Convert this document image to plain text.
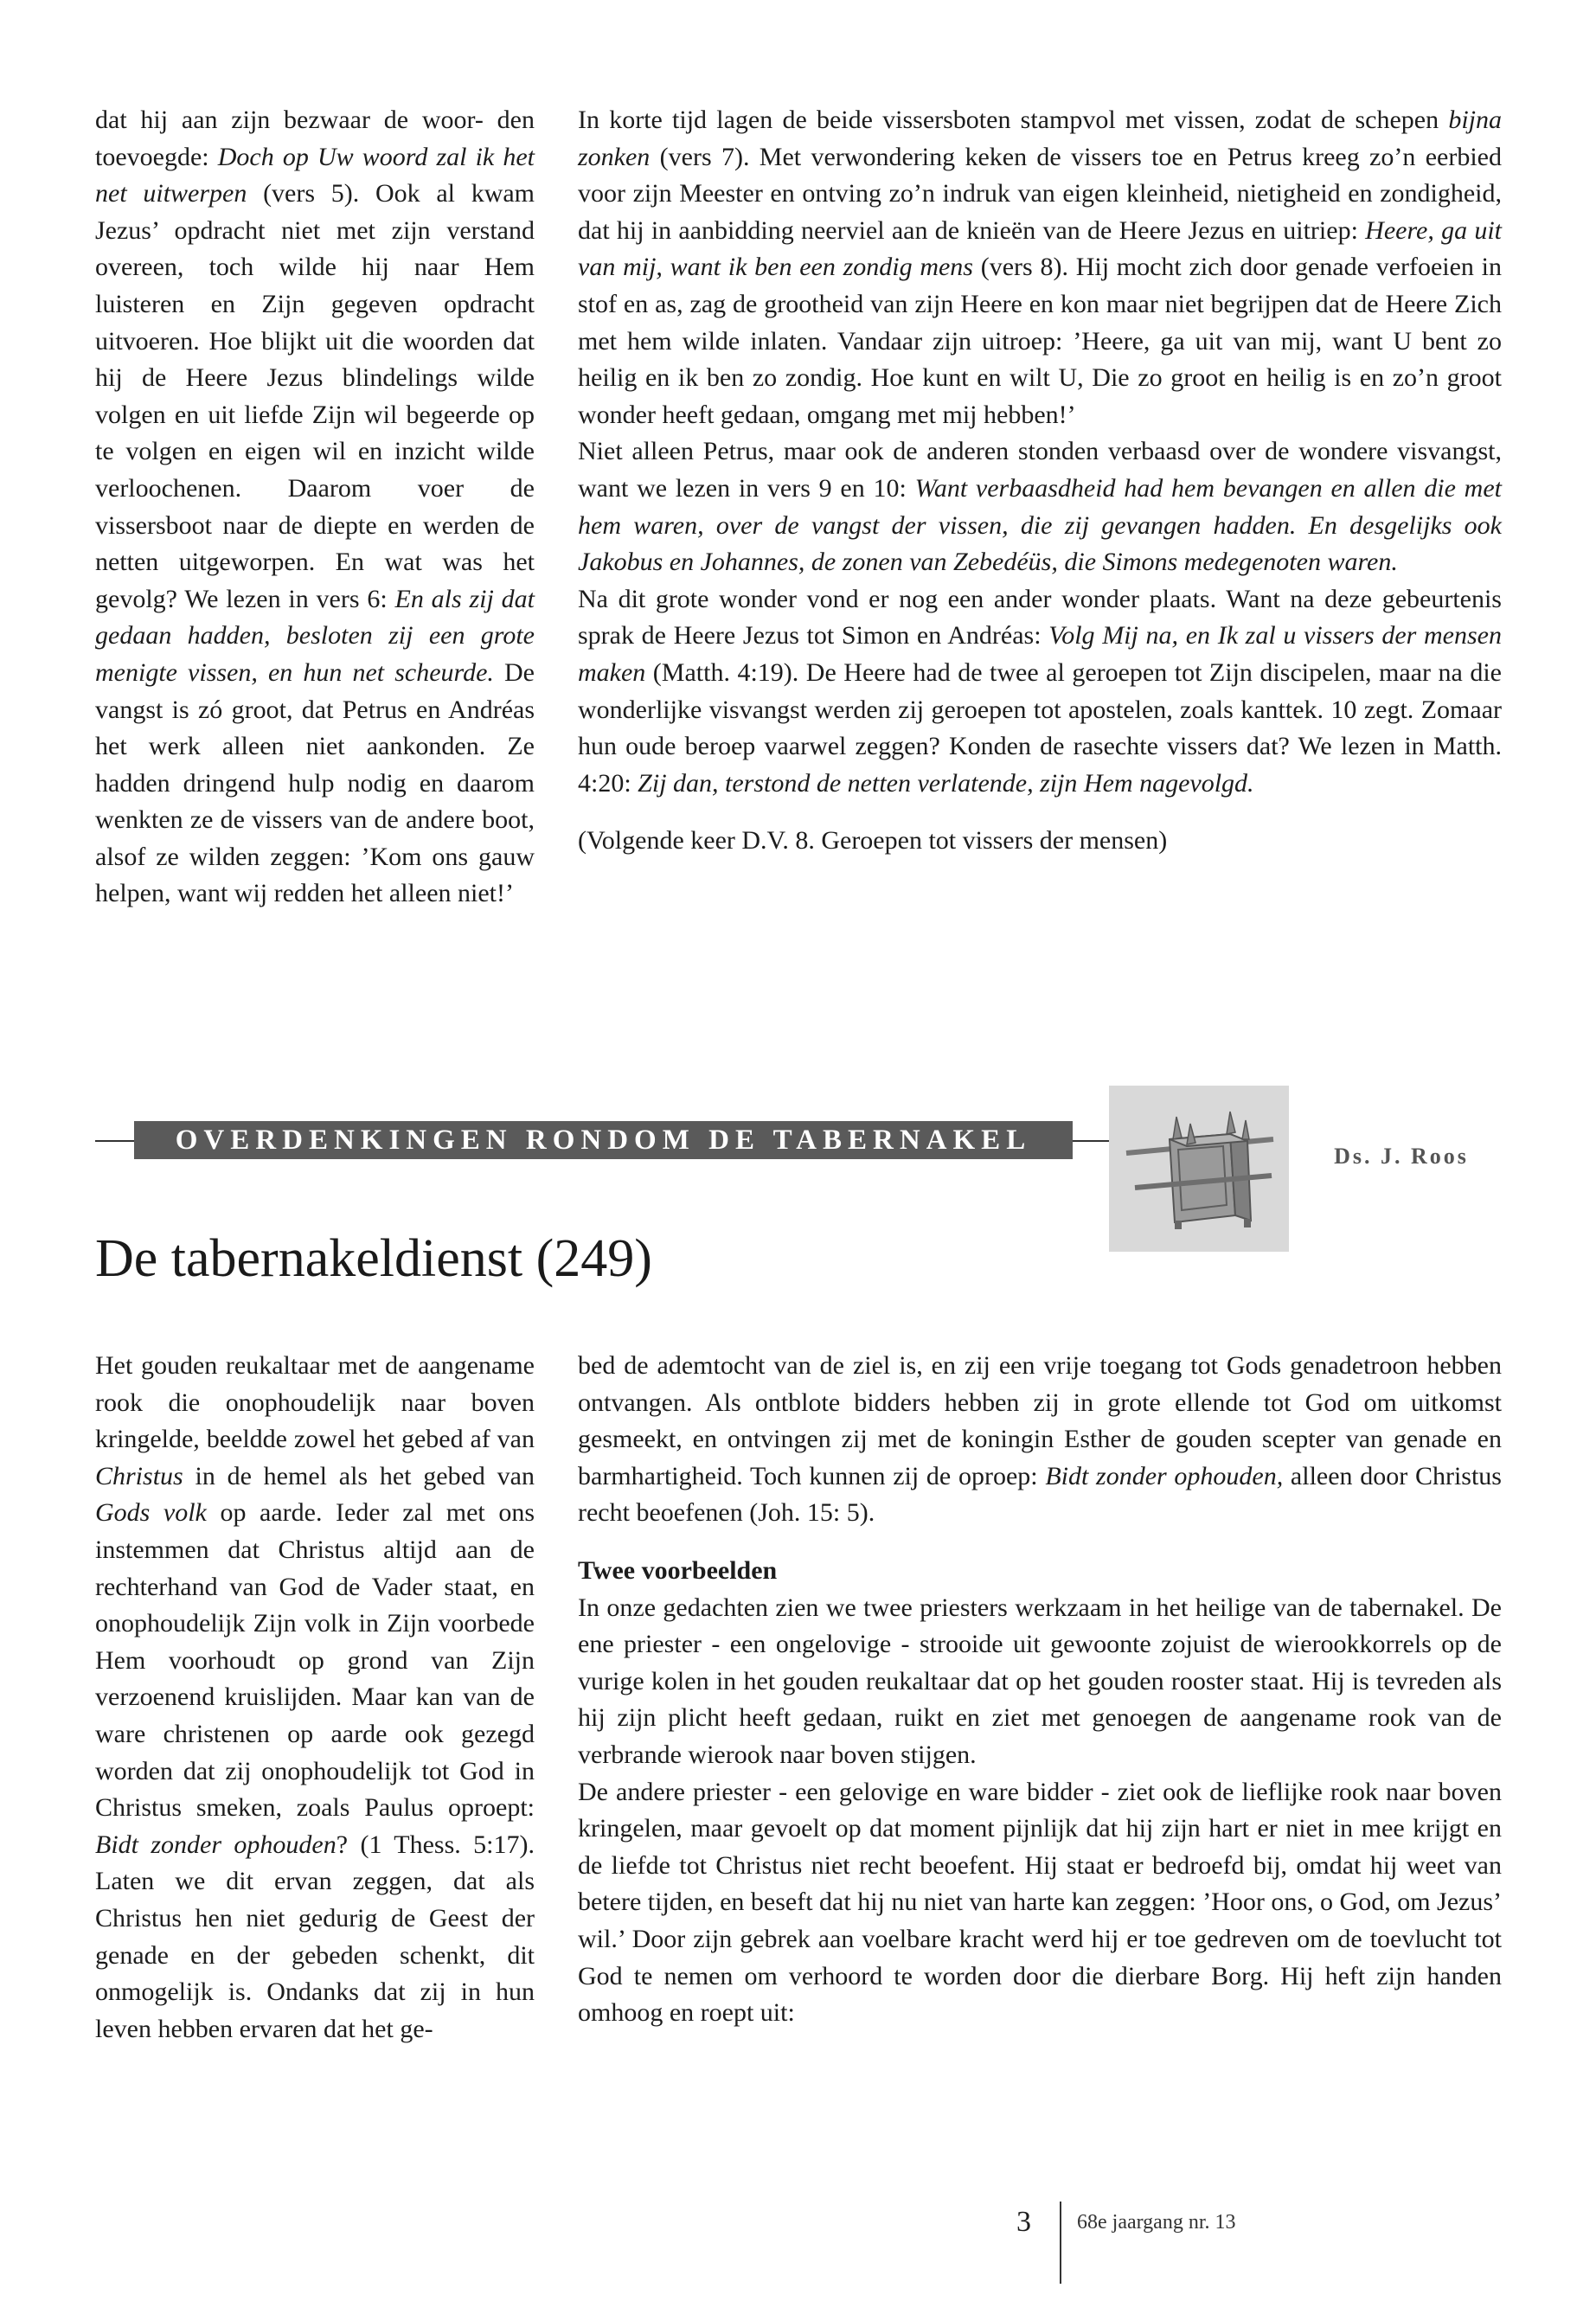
dat hij aan zijn bezwaar de woor- den toevoegde: Doch op Uw woord zal ik het net uitwerpen (vers 5). Ook al kwam Jezus’ opdracht niet met zijn verstand overeen, toch wilde hij naar Hem luisteren en Zijn gegeven opdracht uitvoeren. Hoe blijkt uit die woorden dat hij de Heere Jezus blindelings wilde volgen en uit liefde Zijn wil begeerde op te volgen en eigen wil en inzicht wilde verloochenen. Daarom voer de vissersboot naar de diepte en werden de netten uitgeworpen. En wat was het gevolg? We lezen in vers 6: En als zij dat gedaan hadden, besloten zij een grote menigte vissen, en hun net scheurde. De vangst is zó groot, dat Petrus en Andréas het werk alleen niet aankonden. Ze hadden dringend hulp nodig en daarom wenkten ze de vissers van de andere boot, alsof ze wilden zeggen: ’Kom ons gauw helpen, want wij redden het alleen niet!’

In korte tijd lagen de beide vissersboten stampvol met vissen, zodat de schepen bijna zonken (vers 7). Met verwondering keken de vissers toe en Petrus kreeg zo’n eerbied voor zijn Meester en ontving zo’n indruk van eigen kleinheid, nietigheid en zondigheid, dat hij in aanbidding neerviel aan de knieën van de Heere Jezus en uitriep: Heere, ga uit van mij, want ik ben een zondig mens (vers 8). Hij mocht zich door genade verfoeien in stof en as, zag de grootheid van zijn Heere en kon maar niet begrijpen dat de Heere Zich met hem wilde inlaten. Vandaar zijn uitroep: ’Heere, ga uit van mij, want U bent zo heilig en ik ben zo zondig. Hoe kunt en wilt U, Die zo groot en heilig is en zo’n groot wonder heeft gedaan, omgang met mij hebben!’

Niet alleen Petrus, maar ook de anderen stonden verbaasd over de wondere visvangst, want we lezen in vers 9 en 10: Want verbaasdheid had hem bevangen en allen die met hem waren, over de vangst der vissen, die zij gevangen hadden. En desgelijks ook Jakobus en Johannes, de zonen van Zebedéüs, die Simons medegenoten waren.

Na dit grote wonder vond er nog een ander wonder plaats. Want na deze gebeurtenis sprak de Heere Jezus tot Simon en Andréas: Volg Mij na, en Ik zal u vissers der mensen maken (Matth. 4:19). De Heere had de twee al geroepen tot Zijn discipelen, maar na die wonderlijke visvangst werden zij geroepen tot apostelen, zoals kanttek. 10 zegt. Zomaar hun oude beroep vaarwel zeggen? Konden de rasechte vissers dat? We lezen in Matth. 4:20: Zij dan, terstond de netten verlatende, zijn Hem nagevolgd.

(Volgende keer D.V. 8. Geroepen tot vissers der mensen)

OVERDENKINGEN RONDOM DE TABERNAKEL
Ds. J. Roos
De tabernakeldienst (249)

Het gouden reukaltaar met de aangename rook die onophoudelijk naar boven kringelde, beeldde zowel het gebed af van Christus in de hemel als het gebed van Gods volk op aarde. Ieder zal met ons instemmen dat Christus altijd aan de rechterhand van God de Vader staat, en onophoudelijk Zijn volk in Zijn voorbede Hem voorhoudt op grond van Zijn verzoenend kruislijden. Maar kan van de ware christenen op aarde ook gezegd worden dat zij onophoudelijk tot God in Christus smeken, zoals Paulus oproept: Bidt zonder ophouden? (1 Thess. 5:17). Laten we dit ervan zeggen, dat als Christus hen niet gedurig de Geest der genade en der gebeden schenkt, dit onmogelijk is. Ondanks dat zij in hun leven hebben ervaren dat het ge-

bed de ademtocht van de ziel is, en zij een vrije toegang tot Gods genadetroon hebben ontvangen. Als ontblote bidders hebben zij in grote ellende tot God om uitkomst gesmeekt, en ontvingen zij met de koningin Esther de gouden scepter van genade en barmhartigheid. Toch kunnen zij de oproep: Bidt zonder ophouden, alleen door Christus recht beoefenen (Joh. 15: 5).

Twee voorbeelden

In onze gedachten zien we twee priesters werkzaam in het heilige van de tabernakel. De ene priester - een ongelovige - strooide uit gewoonte zojuist de wierookkorrels op de vurige kolen in het gouden reukaltaar dat op het gouden rooster staat. Hij is tevreden als hij zijn plicht heeft gedaan, ruikt en ziet met genoegen de aangename rook van de verbrande wierook naar boven stijgen.

De andere priester - een gelovige en ware bidder - ziet ook de lieflijke rook naar boven kringelen, maar gevoelt op dat moment pijnlijk dat hij zijn hart er niet in mee krijgt en de liefde tot Christus niet recht beoefent. Hij staat er bedroefd bij, omdat hij weet van betere tijden, en beseft dat hij nu niet van harte kan zeggen: ’Hoor ons, o God, om Jezus’ wil.’ Door zijn gebrek aan voelbare kracht werd hij er toe gedreven om de toevlucht tot God te nemen om verhoord te worden door die dierbare Borg. Hij heft zijn handen omhoog en roept uit:

3 68e jaargang nr. 13
